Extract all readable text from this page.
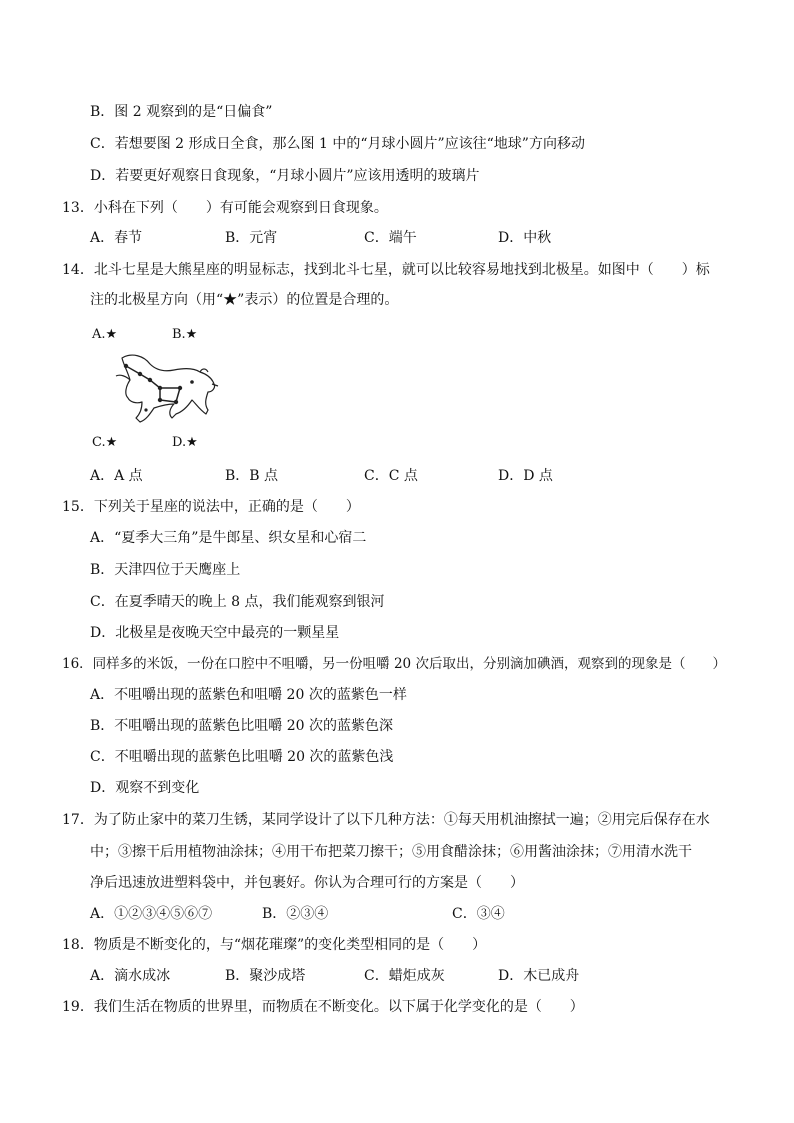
B．图 2 观察到的是“日偏食”
C．若想要图 2 形成日全食，那么图 1 中的“月球小圆片”应该往“地球”方向移动
D．若要更好观察日食现象，“月球小圆片”应该用透明的玻璃片
13．小科在下列（　　）有可能会观察到日食现象。
A．春节	B．元宵	C．端午	D．中秋
14．北斗七星是大熊星座的明显标志，找到北斗七星，就可以比较容易地找到北极星。如图中（　　）标
注的北极星方向（用“★”表示）的位置是合理的。
A.★	B.★
C.★	D.★
A．A 点	B．B 点	C．C 点	D．D 点
15．下列关于星座的说法中，正确的是（　　）
A．“夏季大三角”是牛郎星、织女星和心宿二
B．天津四位于天鹰座上
C．在夏季晴天的晚上 8 点，我们能观察到银河
D．北极星是夜晚天空中最亮的一颗星星
16．同样多的米饭，一份在口腔中不咀嚼，另一份咀嚼 20 次后取出，分别滴加碘酒，观察到的现象是（　　）
A．不咀嚼出现的蓝紫色和咀嚼 20 次的蓝紫色一样
B．不咀嚼出现的蓝紫色比咀嚼 20 次的蓝紫色深
C．不咀嚼出现的蓝紫色比咀嚼 20 次的蓝紫色浅
D．观察不到变化
17．为了防止家中的菜刀生锈，某同学设计了以下几种方法：①每天用机油擦拭一遍；②用完后保存在水
中；③擦干后用植物油涂抹；④用干布把菜刀擦干；⑤用食醋涂抹；⑥用酱油涂抹；⑦用清水洗干
净后迅速放进塑料袋中，并包裹好。你认为合理可行的方案是（　　）
A．①②③④⑤⑥⑦	B．②③④	C．③④
18．物质是不断变化的，与“烟花璀璨”的变化类型相同的是（　　）
A．滴水成冰	B．聚沙成塔	C．蜡炬成灰	D．木已成舟
19．我们生活在物质的世界里，而物质在不断变化。以下属于化学变化的是（　　）
